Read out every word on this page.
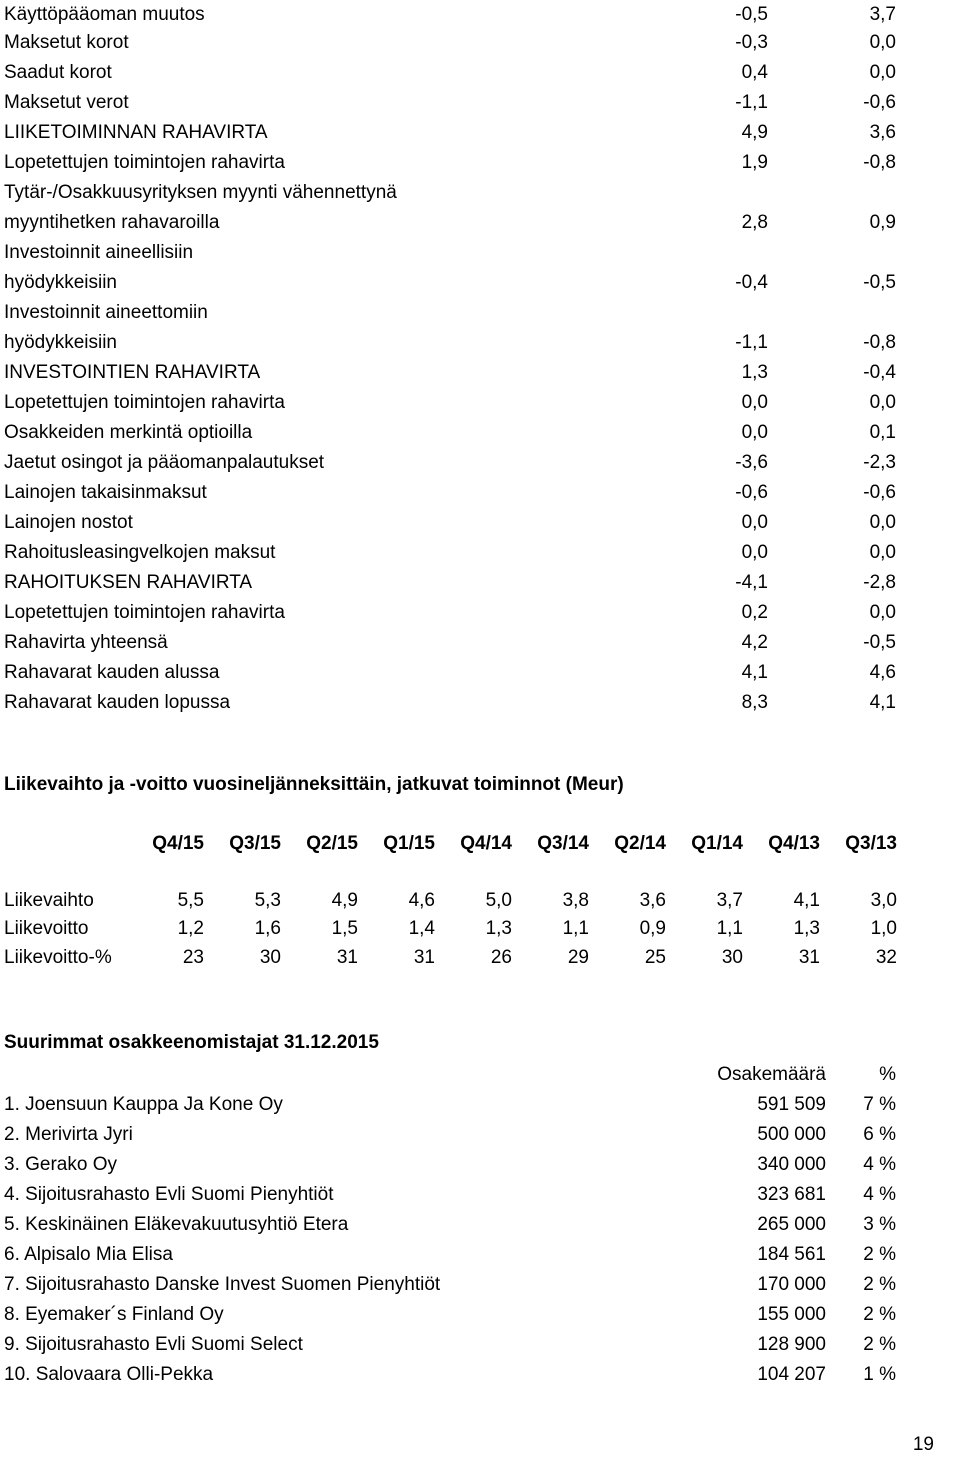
Käyttöpääoman muutos	-0,5	3,7
Maksetut korot	-0,3	0,0
Saadut korot	0,4	0,0
Maksetut verot	-1,1	-0,6
LIIKETOIMINNAN RAHAVIRTA	4,9	3,6
Lopetettujen toimintojen rahavirta	1,9	-0,8
Tytär-/Osakkuusyrityksen myynti vähennettynä
myyntihetken rahavaroilla	2,8	0,9
Investoinnit aineellisiin
hyödykkeisiin	-0,4	-0,5
Investoinnit aineettomiin
hyödykkeisiin	-1,1	-0,8
INVESTOINTIEN RAHAVIRTA	1,3	-0,4
Lopetettujen toimintojen rahavirta	0,0	0,0
Osakkeiden merkintä optioilla	0,0	0,1
Jaetut osingot ja pääomanpalautukset	-3,6	-2,3
Lainojen takaisinmaksut	-0,6	-0,6
Lainojen nostot	0,0	0,0
Rahoitusleasingvelkojen maksut	0,0	0,0
RAHOITUKSEN RAHAVIRTA	-4,1	-2,8
Lopetettujen toimintojen rahavirta	0,2	0,0
Rahavirta yhteensä	4,2	-0,5
Rahavarat kauden alussa	4,1	4,6
Rahavarat kauden lopussa	8,3	4,1
Liikevaihto ja -voitto vuosineljänneksittäin, jatkuvat toiminnot (Meur)
Q4/15	Q3/15	Q2/15	Q1/15	Q4/14	Q3/14	Q2/14	Q1/14	Q4/13	Q3/13
Liikevaihto	5,5	5,3	4,9	4,6	5,0	3,8	3,6	3,7	4,1	3,0
Liikevoitto	1,2	1,6	1,5	1,4	1,3	1,1	0,9	1,1	1,3	1,0
Liikevoitto-%	23	30	31	31	26	29	25	30	31	32
Suurimmat osakkeenomistajat 31.12.2015
Osakemäärä	%
1. Joensuun Kauppa Ja Kone Oy	591 509 7 %
2. Merivirta Jyri	500 000 6 %
3. Gerako Oy	340 000 4 %
4. Sijoitusrahasto Evli Suomi Pienyhtiöt	323 681 4 %
5. Keskinäinen Eläkevakuutusyhtiö Etera	265 000 3 %
6. Alpisalo Mia Elisa	184 561 2 %
7. Sijoitusrahasto Danske Invest Suomen Pienyhtiöt	170 000 2 %
8. Eyemaker´s Finland Oy	155 000 2 %
9. Sijoitusrahasto Evli Suomi Select	128 900 2 %
10. Salovaara Olli-Pekka	104 207 1 %
19
